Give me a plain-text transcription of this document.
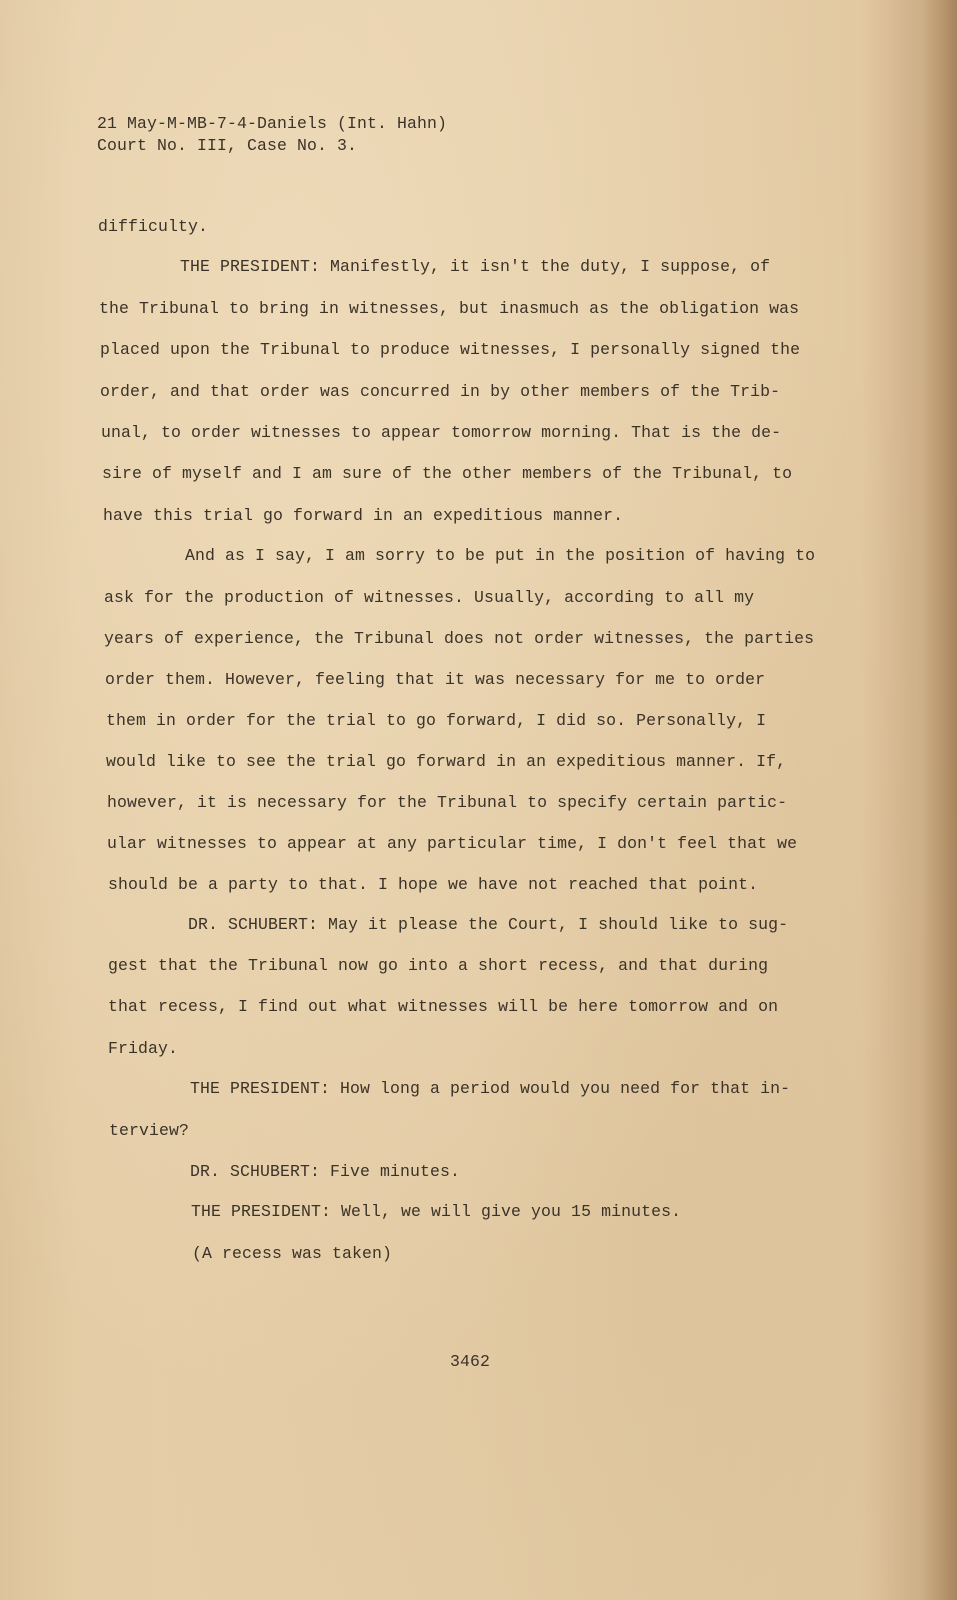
21 May-M-MB-7-4-Daniels (Int. Hahn)
Court No. III, Case No. 3.
difficulty.
THE PRESIDENT: Manifestly, it isn't the duty, I suppose, of
the Tribunal to bring in witnesses, but inasmuch as the obligation was
placed upon the Tribunal to produce witnesses, I personally signed the
order, and that order was concurred in by other members of the Trib-
unal, to order witnesses to appear tomorrow morning. That is the de-
sire of myself and I am sure of the other members of the Tribunal, to
have this trial go forward in an expeditious manner.
And as I say, I am sorry to be put in the position of having to
ask for the production of witnesses. Usually, according to all my
years of experience, the Tribunal does not order witnesses, the parties
order them. However, feeling that it was necessary for me to order
them in order for the trial to go forward, I did so. Personally, I
would like to see the trial go forward in an expeditious manner. If,
however, it is necessary for the Tribunal to specify certain partic-
ular witnesses to appear at any particular time, I don't feel that we
should be a party to that. I hope we have not reached that point.
DR. SCHUBERT: May it please the Court, I should like to sug-
gest that the Tribunal now go into a short recess, and that during
that recess, I find out what witnesses will be here tomorrow and on
Friday.
THE PRESIDENT: How long a period would you need for that in-
terview?
DR. SCHUBERT: Five minutes.
THE PRESIDENT: Well, we will give you 15 minutes.
(A recess was taken)
3462
